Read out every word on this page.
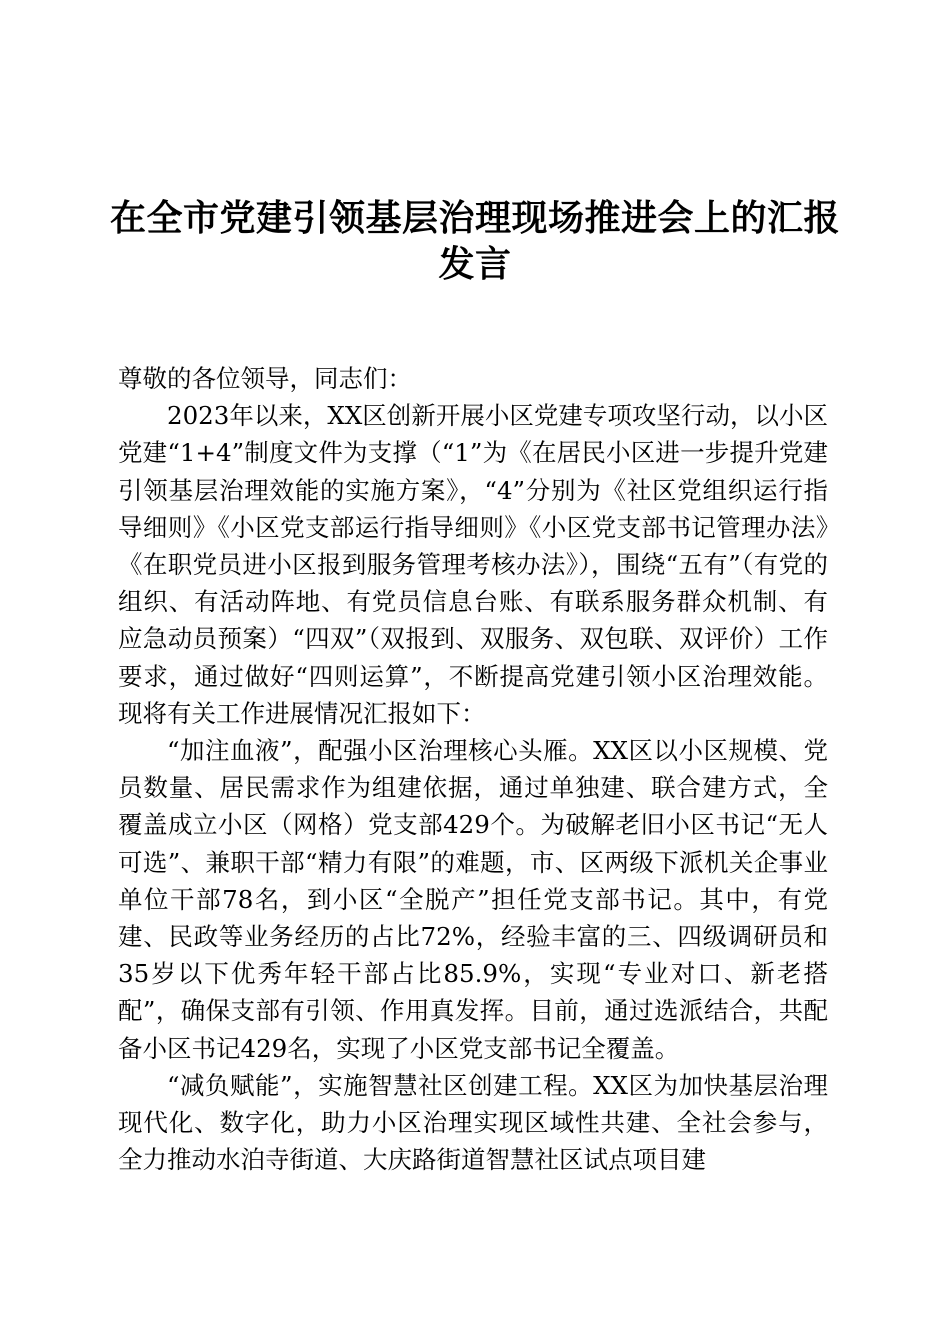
在全市党建引领基层治理现场推进会上的汇报
发言

尊敬的各位领导，同志们：

2023年以来，XX区创新开展小区党建专项攻坚行动，以小区党建“1+4”制度文件为支撑（“1”为《在居民小区进一步提升党建引领基层治理效能的实施方案》，“4”分别为《社区党组织运行指导细则》《小区党支部运行指导细则》《小区党支部书记管理办法》《在职党员进小区报到服务管理考核办法》），围绕“五有”（有党的组织、有活动阵地、有党员信息台账、有联系服务群众机制、有应急动员预案）“四双”（双报到、双服务、双包联、双评价）工作要求，通过做好“四则运算”，不断提高党建引领小区治理效能。现将有关工作进展情况汇报如下：

“加注血液”，配强小区治理核心头雁。XX区以小区规模、党员数量、居民需求作为组建依据，通过单独建、联合建方式，全覆盖成立小区（网格）党支部429个。为破解老旧小区书记“无人可选”、兼职干部“精力有限”的难题，市、区两级下派机关企事业单位干部78名，到小区“全脱产”担任党支部书记。其中，有党建、民政等业务经历的占比72%，经验丰富的三、四级调研员和35岁以下优秀年轻干部占比85.9%，实现“专业对口、新老搭配”，确保支部有引领、作用真发挥。目前，通过选派结合，共配备小区书记429名，实现了小区党支部书记全覆盖。

“减负赋能”，实施智慧社区创建工程。XX区为加快基层治理现代化、数字化，助力小区治理实现区域性共建、全社会参与，全力推动水泊寺街道、大庆路街道智慧社区试点项目建
